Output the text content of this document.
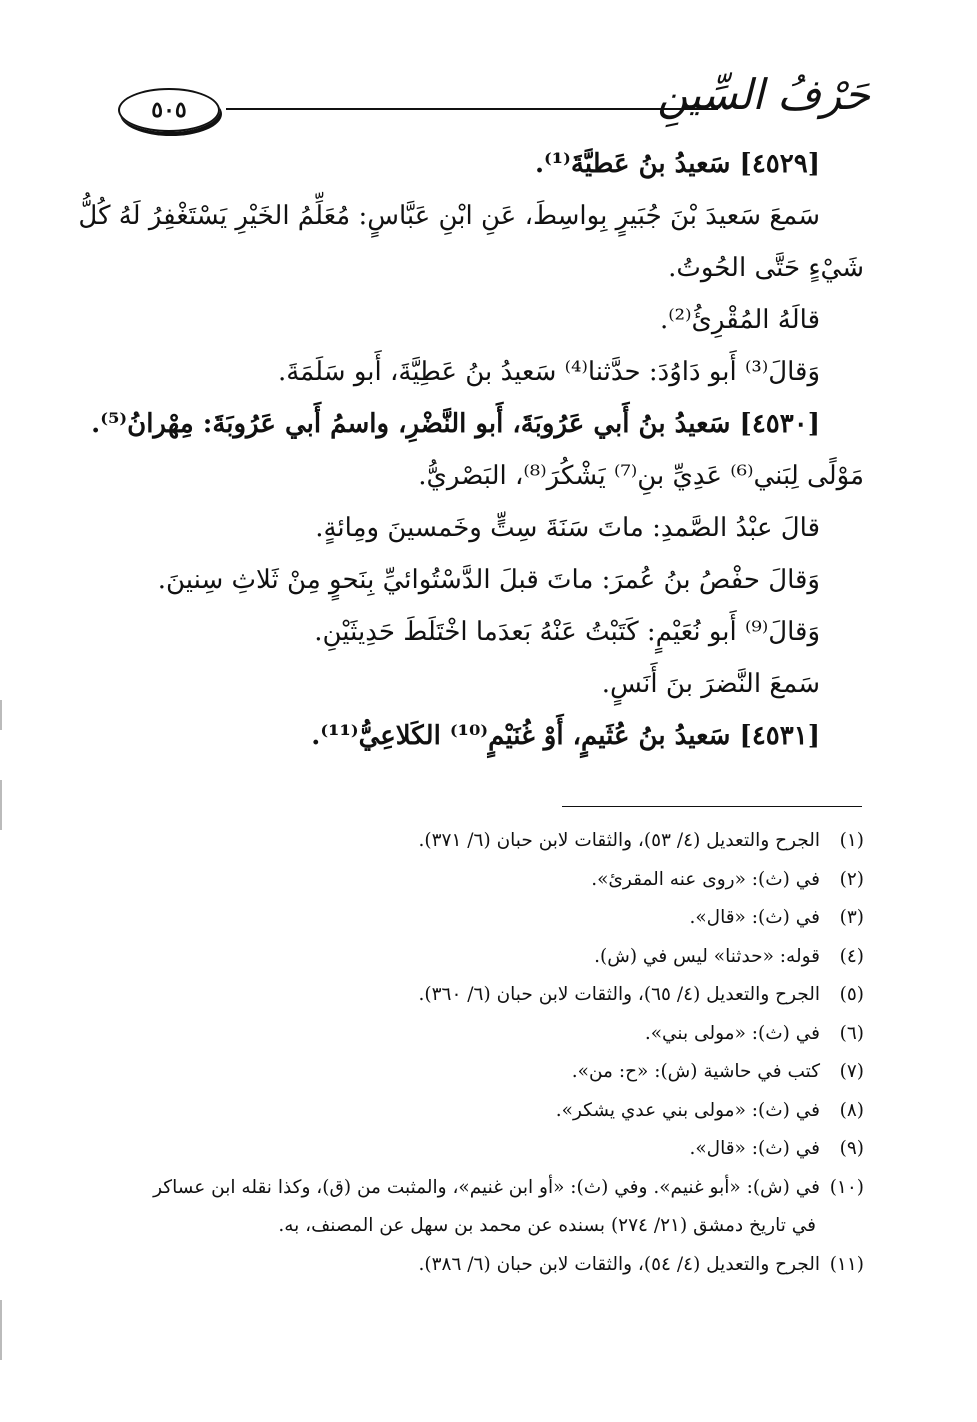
٥٠٥	حَرْفُ السِّينِ
[٤٥٢٩] سَعيدُ بنُ عَطيَّةَ⁽¹⁾.
سَمعَ سَعيدَ بْنَ جُبَيرٍ بِواسِطَ، عَنِ ابْنِ عَبَّاسٍ: مُعَلِّمُ الخَيْرِ يَسْتَغْفِرُ لَهُ كُلُّ
شَيْءٍ حَتَّى الحُوتُ.
قالَهُ المُقْرِئُ⁽²⁾.
وَقالَ⁽³⁾ أَبو دَاوُدَ: حدَّثنا⁽⁴⁾ سَعيدُ بنُ عَطِيَّةَ، أَبو سَلَمَةَ.
[٤٥٣٠] سَعيدُ بنُ أَبي عَرُوبَةَ، أَبو النَّضْرِ، واسمُ أَبي عَرُوبَةَ: مِهْرانُ⁽⁵⁾.
مَوْلًى لِبَني⁽⁶⁾ عَدِيِّ بنِ⁽⁷⁾ يَشْكُرَ⁽⁸⁾، البَصْريُّ.
قالَ عبْدُ الصَّمدِ: ماتَ سَنَةَ سِتٍّ وخَمسينَ ومِائةٍ.
وَقالَ حفْصُ بنُ عُمرَ: ماتَ قبلَ الدَّسْتُوائيِّ بِنَحوٍ مِنْ ثَلاثِ سِنينَ.
وَقالَ⁽⁹⁾ أَبو نُعَيْمٍ: كَتَبْتُ عَنْهُ بَعدَما اخْتَلَطَ حَدِيثَيْنِ.
سَمعَ النَّضرَ بنَ أَنَسٍ.
[٤٥٣١] سَعيدُ بنُ عُثَيمٍ، أَوْ غُنَيْمٍ⁽¹⁰⁾ الكَلاعِيُّ⁽¹¹⁾.
(١)الجرح والتعديل (٤/ ٥٣)، والثقات لابن حبان (٦/ ٣٧١).
(٢)في (ث): «روى عنه المقرئ».
(٣)في (ث): «قال».
(٤)قوله: «حدثنا» ليس في (ش).
(٥)الجرح والتعديل (٤/ ٦٥)، والثقات لابن حبان (٦/ ٣٦٠).
(٦)في (ث): «مولى بني».
(٧)كتب في حاشية (ش): «ح: من».
(٨)في (ث): «مولى بني عدي يشكر».
(٩)في (ث): «قال».
(١٠)في (ش): «أبو غنيم». وفي (ث): «أو ابن غنيم»، والمثبت من (ق)، وكذا نقله ابن عساكر
في تاريخ دمشق (٢١/ ٢٧٤) بسنده عن محمد بن سهل عن المصنف، به.
(١١)الجرح والتعديل (٤/ ٥٤)، والثقات لابن حبان (٦/ ٣٨٦).
